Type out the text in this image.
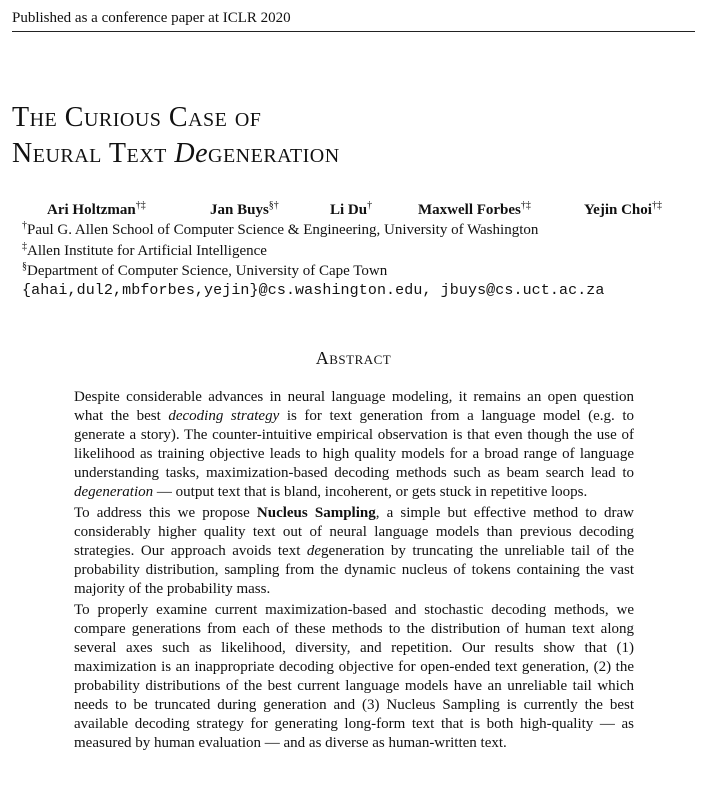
Published as a conference paper at ICLR 2020
The Curious Case of
Neural Text Degeneration
Ari Holtzman†‡	Jan Buys§†	Li Du†	Maxwell Forbes†‡	Yejin Choi†‡
†Paul G. Allen School of Computer Science & Engineering, University of Washington
‡Allen Institute for Artificial Intelligence
§Department of Computer Science, University of Cape Town
{ahai,dul2,mbforbes,yejin}@cs.washington.edu, jbuys@cs.uct.ac.za
Abstract

Despite considerable advances in neural language modeling, it remains an open question what the best decoding strategy is for text generation from a language model (e.g. to generate a story). The counter-intuitive empirical observation is that even though the use of likelihood as training objective leads to high quality models for a broad range of language understanding tasks, maximization-based decoding methods such as beam search lead to degeneration — output text that is bland, incoherent, or gets stuck in repetitive loops.

To address this we propose Nucleus Sampling, a simple but effective method to draw considerably higher quality text out of neural language models than previous decoding strategies. Our approach avoids text degeneration by truncating the unreliable tail of the probability distribution, sampling from the dynamic nucleus of tokens containing the vast majority of the probability mass.

To properly examine current maximization-based and stochastic decoding methods, we compare generations from each of these methods to the distribution of human text along several axes such as likelihood, diversity, and repetition. Our results show that (1) maximization is an inappropriate decoding objective for open-ended text generation, (2) the probability distributions of the best current language models have an unreliable tail which needs to be truncated during generation and (3) Nucleus Sampling is currently the best available decoding strategy for generating long-form text that is both high-quality — as measured by human evaluation — and as diverse as human-written text.
